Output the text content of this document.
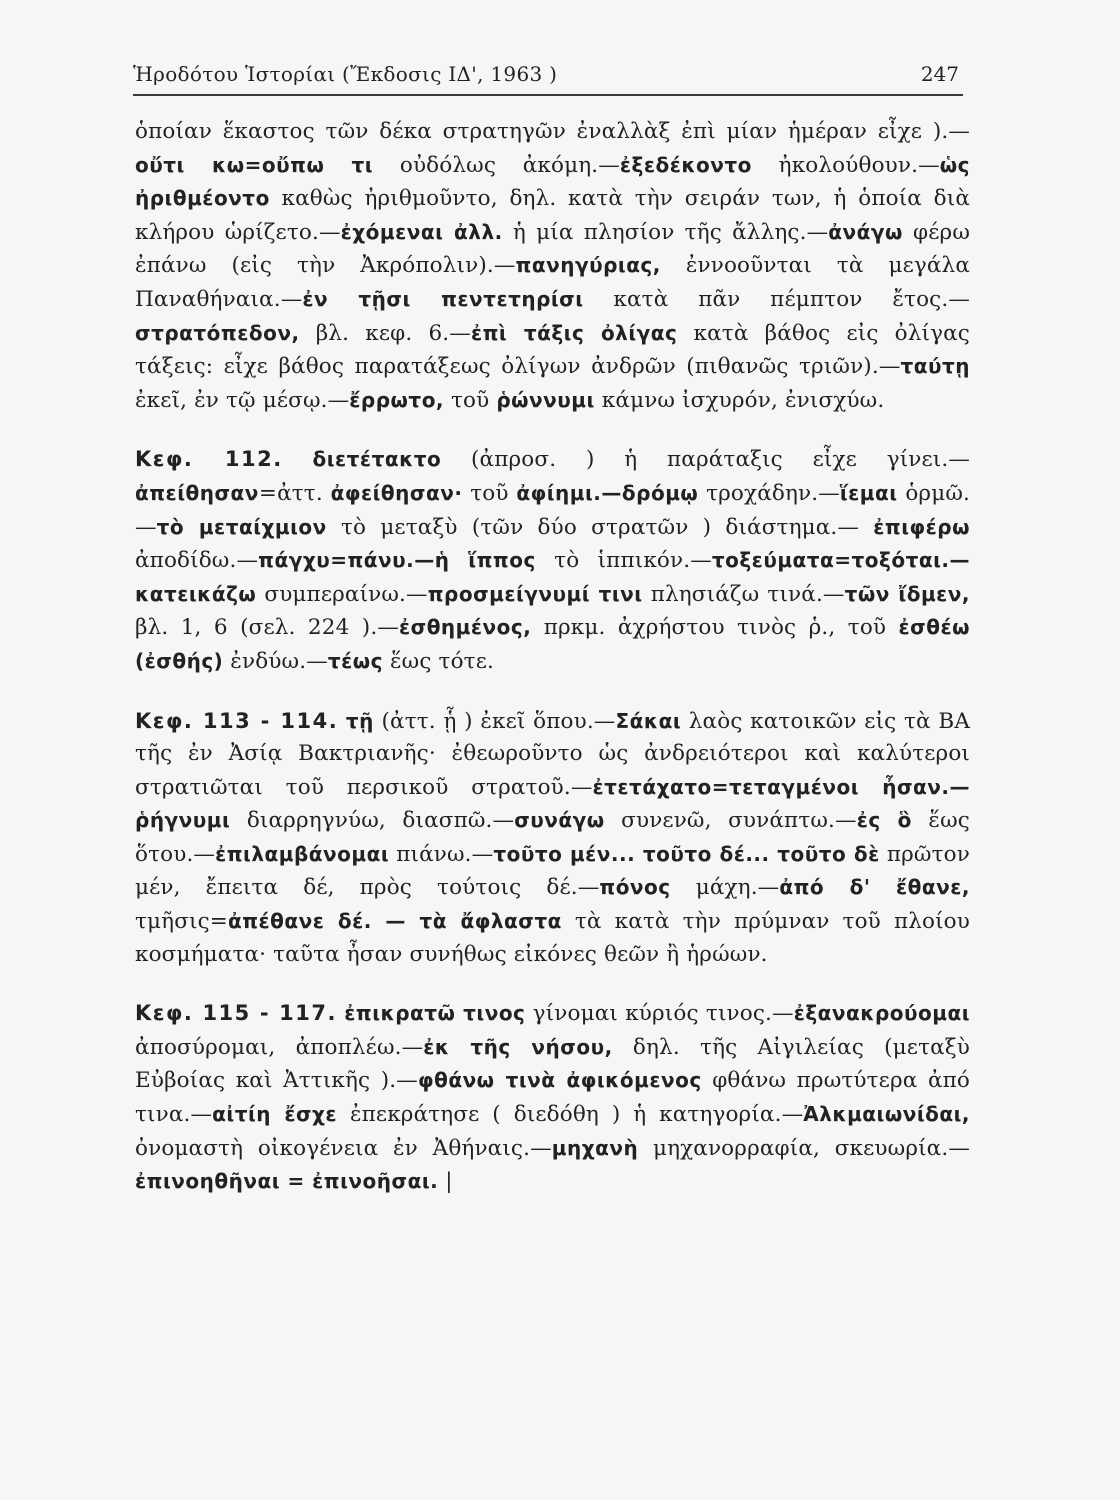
Ἡροδότου Ἱστορίαι (Ἔκδοσις ΙΔ', 1963 )	247

ὁποίαν ἕκαστος τῶν δέκα στρατηγῶν ἐναλλὰξ ἐπὶ μίαν ἡμέραν εἶχε ).—οὔτι κω=οὔπω τι οὐδόλως ἀκόμη.—ἐξεδέκοντο ἠκολούθουν.—ὡς ἠριθμέοντο καθὼς ἠριθμοῦντο, δηλ. κατὰ τὴν σειράν των, ἡ ὁποία διὰ κλήρου ὡρίζετο.—ἐχόμεναι ἀλλ. ἡ μία πλησίον τῆς ἄλλης.—ἀνάγω φέρω ἐπάνω (εἰς τὴν Ἀκρόπολιν).—πανηγύριας, ἐννοοῦνται τὰ μεγάλα Παναθήναια.—ἐν τῇσι πεντετηρίσι κατὰ πᾶν πέμπτον ἔτος.—στρατόπεδον, βλ. κεφ. 6.—ἐπὶ τάξις ὀλίγας κατὰ βάθος εἰς ὀλίγας τάξεις: εἶχε βάθος παρατάξεως ὀλίγων ἀνδρῶν (πιθανῶς τριῶν).—ταύτῃ ἐκεῖ, ἐν τῷ μέσῳ.—ἔρρωτο, τοῦ ῥώννυμι κάμνω ἰσχυρόν, ἐνισχύω.

Κεφ. 112. διετέτακτο (ἀπροσ. ) ἡ παράταξις εἶχε γίνει.—ἀπείθησαν=ἀττ. ἀφείθησαν· τοῦ ἀφίημι.—δρόμῳ τροχάδην.—ἵεμαι ὁρμῶ.—τὸ μεταίχμιον τὸ μεταξὺ (τῶν δύο στρατῶν ) διάστημα.— ἐπιφέρω ἀποδίδω.—πάγχυ=πάνυ.—ἡ ἵππος τὸ ἱππικόν.—τοξεύματα=τοξόται.—κατεικάζω συμπεραίνω.—προσμείγνυμί τινι πλησιάζω τινά.—τῶν ἴδμεν, βλ. 1, 6 (σελ. 224 ).—ἐσθημένος, πρκμ. ἀχρήστου τινὸς ῥ., τοῦ ἐσθέω (ἐσθής) ἐνδύω.—τέως ἕως τότε.

Κεφ. 113 - 114. τῇ (ἀττ. ᾗ ) ἐκεῖ ὅπου.—Σάκαι λαὸς κατοικῶν εἰς τὰ ΒΑ τῆς ἐν Ἀσίᾳ Βακτριανῆς· ἐθεωροῦντο ὡς ἀνδρειότεροι καὶ καλύτεροι στρατιῶται τοῦ περσικοῦ στρατοῦ.—ἐτετάχατο=τεταγμένοι ἦσαν.—ῥήγνυμι διαρρηγνύω, διασπῶ.—συνάγω συνενῶ, συνάπτω.—ἐς ὃ ἕως ὅτου.—ἐπιλαμβάνομαι πιάνω.—τοῦτο μέν... τοῦτο δέ... τοῦτο δὲ πρῶτον μέν, ἔπειτα δέ, πρὸς τούτοις δέ.—πόνος μάχη.—ἀπό δ' ἔθανε, τμῆσις=ἀπέθανε δέ. — τὰ ἄφλαστα τὰ κατὰ τὴν πρύμναν τοῦ πλοίου κοσμήματα· ταῦτα ἦσαν συνήθως εἰκόνες θεῶν ἢ ἡρώων.

Κεφ. 115 - 117. ἐπικρατῶ τινος γίνομαι κύριός τινος.—ἐξανακρούομαι ἀποσύρομαι, ἀποπλέω.—ἐκ τῆς νήσου, δηλ. τῆς Αἰγιλείας (μεταξὺ Εὐβοίας καὶ Ἀττικῆς ).—φθάνω τινὰ ἀφικόμενος φθάνω πρωτύτερα ἀπό τινα.—αἰτίη ἔσχε ἐπεκράτησε ( διεδόθη ) ἡ κατηγορία.—Ἀλκμαιωνίδαι, ὀνομαστὴ οἰκογένεια ἐν Ἀθήναις.—μηχανὴ μηχανορραφία, σκευωρία.— ἐπινοηθῆναι = ἐπινοῆσαι. |
